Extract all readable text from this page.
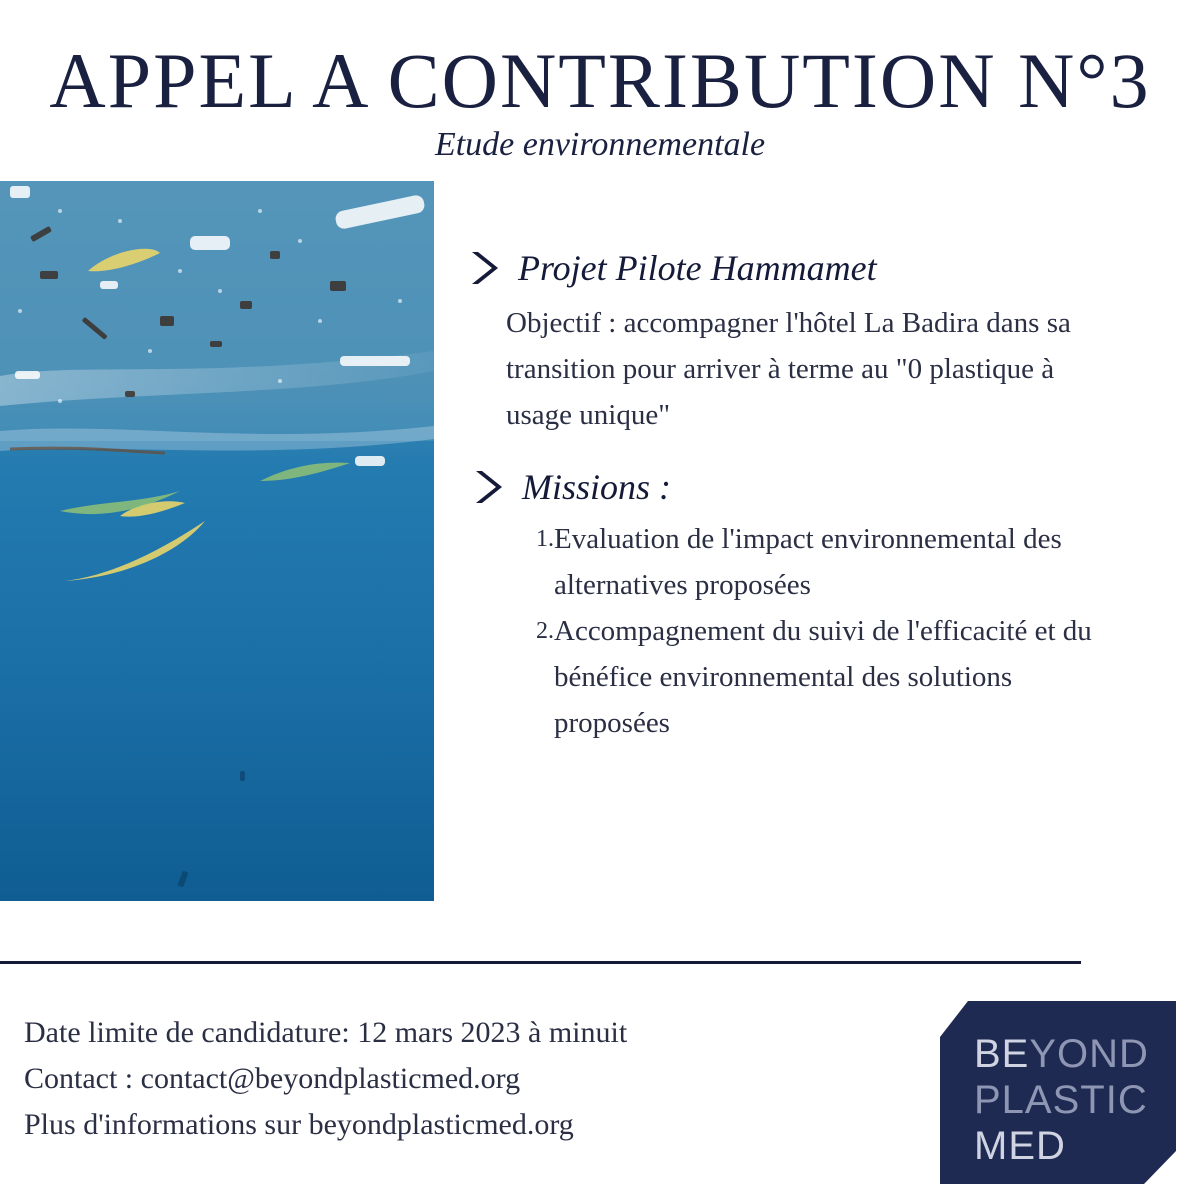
APPEL A CONTRIBUTION N°3
Etude environnementale
Projet Pilote Hammamet
Objectif : accompagner l'hôtel La Badira dans sa
transition pour arriver à terme au "0 plastique à
usage unique"
Missions :
1. Evaluation de l'impact environnemental des
alternatives proposées
2. Accompagnement du suivi de l'efficacité et du
bénéfice environnemental des solutions
proposées
Date limite de candidature: 12 mars 2023 à minuit
Contact : contact@beyondplasticmed.org
Plus d'informations sur beyondplasticmed.org
BEYOND
PLASTIC
MED
